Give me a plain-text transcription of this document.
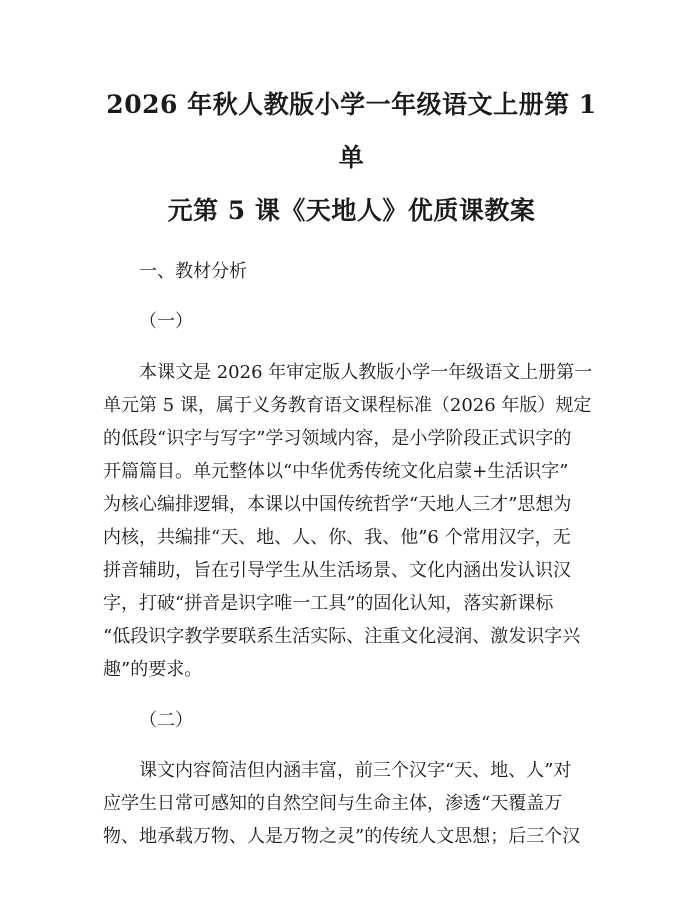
2026 年秋人教版小学一年级语文上册第 1 单
元第 5 课《天地人》优质课教案
一、教材分析
（一）
本课文是 2026 年审定版人教版小学一年级语文上册第一
单元第 5 课，属于义务教育语文课程标准（2026 年版）规定
的低段“识字与写字”学习领域内容，是小学阶段正式识字的
开篇篇目。单元整体以“中华优秀传统文化启蒙+生活识字”
为核心编排逻辑，本课以中国传统哲学“天地人三才”思想为
内核，共编排“天、地、人、你、我、他”6 个常用汉字，无
拼音辅助，旨在引导学生从生活场景、文化内涵出发认识汉
字，打破“拼音是识字唯一工具”的固化认知，落实新课标
“低段识字教学要联系生活实际、注重文化浸润、激发识字兴
趣”的要求。
（二）
课文内容简洁但内涵丰富，前三个汉字“天、地、人”对
应学生日常可感知的自然空间与生命主体，渗透“天覆盖万
物、地承载万物、人是万物之灵”的传统人文思想；后三个汉
